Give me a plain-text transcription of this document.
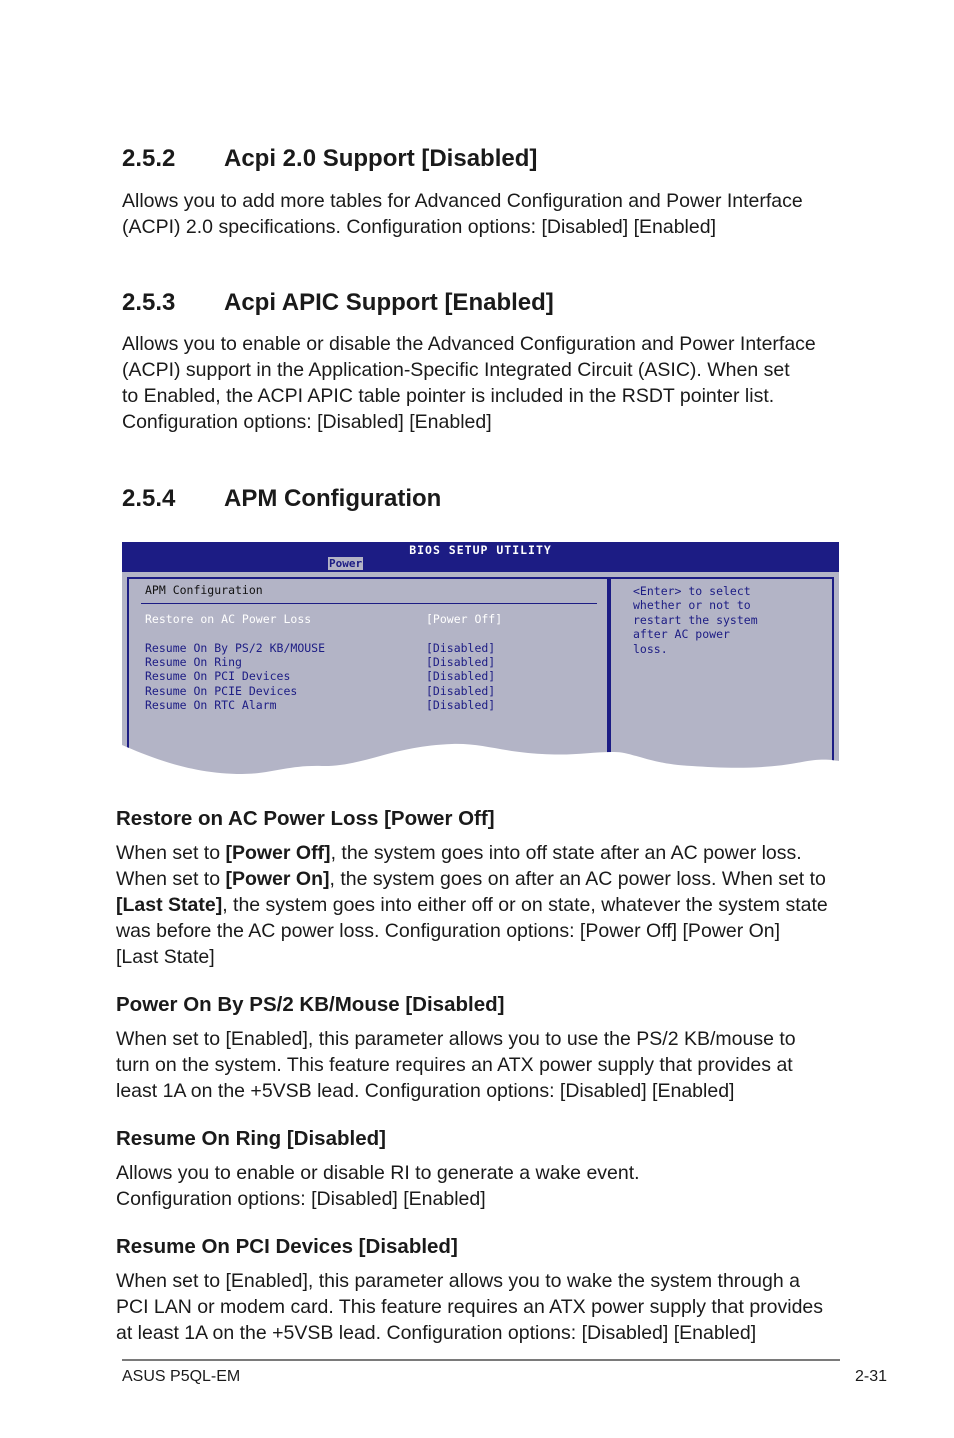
2.5.2 Acpi 2.0 Support [Disabled]

Allows you to add more tables for Advanced Configuration and Power Interface
(ACPI) 2.0 specifications. Configuration options: [Disabled] [Enabled]

2.5.3 Acpi APIC Support [Enabled]

Allows you to enable or disable the Advanced Configuration and Power Interface
(ACPI) support in the Application-Specific Integrated Circuit (ASIC). When set
to Enabled, the ACPI APIC table pointer is included in the RSDT pointer list.
Configuration options: [Disabled] [Enabled]

2.5.4 APM Configuration
BIOS SETUP UTILITY
Power
APM Configuration
Restore on AC Power Loss	[Power Off]
Resume On By PS/2 KB/MOUSE	[Disabled]
Resume On Ring	[Disabled]
Resume On PCI Devices	[Disabled]
Resume On PCIE Devices	[Disabled]
Resume On RTC Alarm	[Disabled]
<Enter> to select
whether or not to
restart the system
after AC power
loss.
Restore on AC Power Loss [Power Off]

When set to [Power Off], the system goes into off state after an AC power loss.
When set to [Power On], the system goes on after an AC power loss. When set to
[Last State], the system goes into either off or on state, whatever the system state
was before the AC power loss. Configuration options: [Power Off] [Power On]
[Last State]

Power On By PS/2 KB/Mouse [Disabled]

When set to [Enabled], this parameter allows you to use the PS/2 KB/mouse to
turn on the system. This feature requires an ATX power supply that provides at
least 1A on the +5VSB lead. Configuration options: [Disabled] [Enabled]

Resume On Ring [Disabled]

Allows you to enable or disable RI to generate a wake event.
Configuration options: [Disabled] [Enabled]

Resume On PCI Devices [Disabled]

When set to [Enabled], this parameter allows you to wake the system through a
PCI LAN or modem card. This feature requires an ATX power supply that provides
at least 1A on the +5VSB lead. Configuration options: [Disabled] [Enabled]

ASUS P5QL-EM	2-31
